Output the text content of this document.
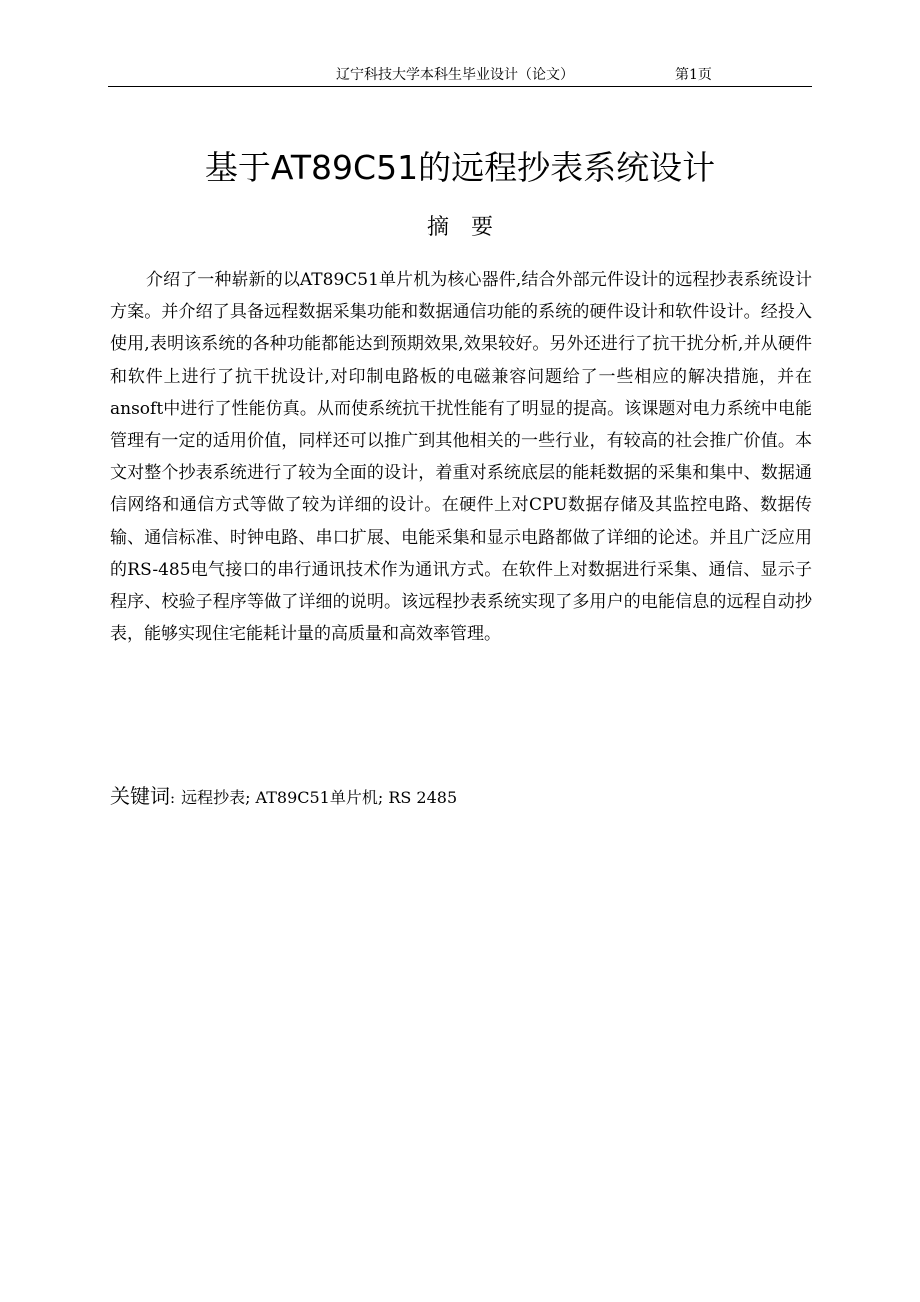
辽宁科技大学本科生毕业设计（论文）	第1页
基于AT89C51的远程抄表系统设计
摘要

介绍了一种崭新的以AT89C51单片机为核心器件,结合外部元件设计的远程抄表系统设计方案。并介绍了具备远程数据采集功能和数据通信功能的系统的硬件设计和软件设计。经投入使用,表明该系统的各种功能都能达到预期效果,效果较好。另外还进行了抗干扰分析,并从硬件和软件上进行了抗干扰设计,对印制电路板的电磁兼容问题给了一些相应的解决措施，并在ansoft中进行了性能仿真。从而使系统抗干扰性能有了明显的提高。该课题对电力系统中电能管理有一定的适用价值，同样还可以推广到其他相关的一些行业，有较高的社会推广价值。本文对整个抄表系统进行了较为全面的设计，着重对系统底层的能耗数据的采集和集中、数据通信网络和通信方式等做了较为详细的设计。在硬件上对CPU数据存储及其监控电路、数据传输、通信标准、时钟电路、串口扩展、电能采集和显示电路都做了详细的论述。并且广泛应用的RS-485电气接口的串行通讯技术作为通讯方式。在软件上对数据进行采集、通信、显示子程序、校验子程序等做了详细的说明。该远程抄表系统实现了多用户的电能信息的远程自动抄表，能够实现住宅能耗计量的高质量和高效率管理。

关键词: 远程抄表; AT89C51单片机; RS 2485
